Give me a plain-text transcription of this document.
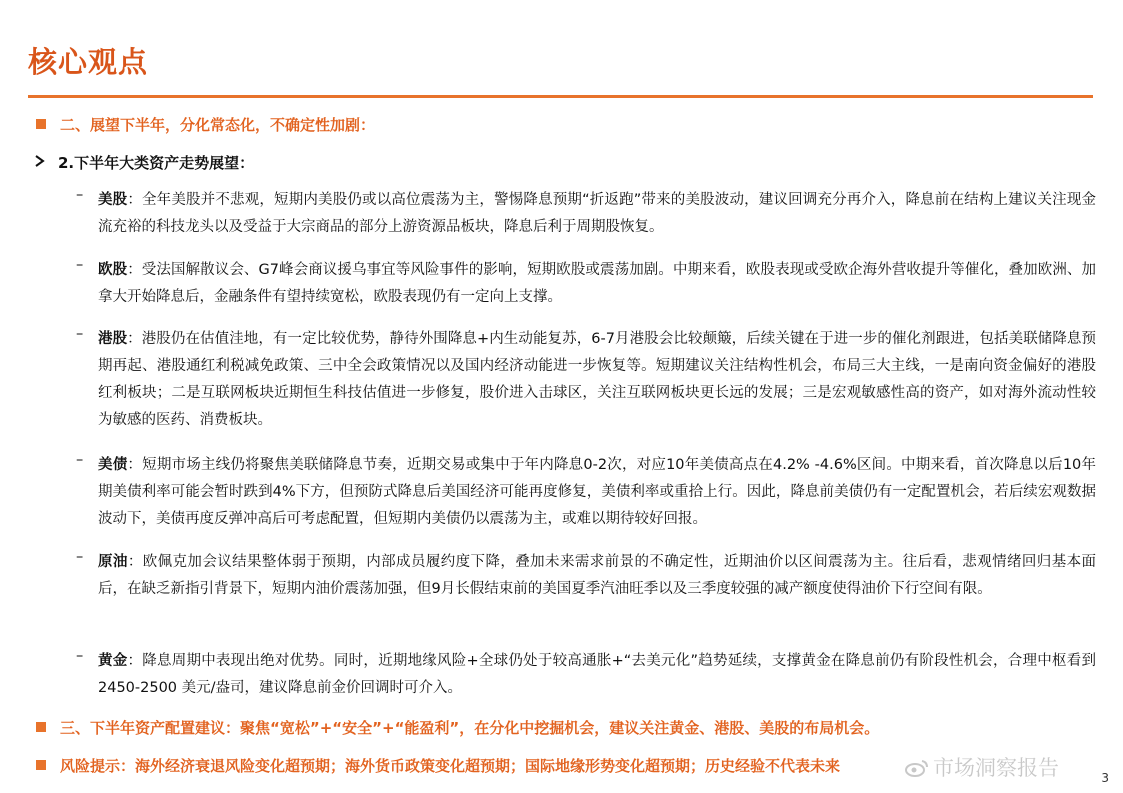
核心观点
二、展望下半年，分化常态化，不确定性加剧：
2.下半年大类资产走势展望：
– 美股：全年美股并不悲观，短期内美股仍或以高位震荡为主，警惕降息预期“折返跑”带来的美股波动，建议回调充分再介入，降息前在结构上建议关注现金流充裕的科技龙头以及受益于大宗商品的部分上游资源品板块，降息后利于周期股恢复。
– 欧股：受法国解散议会、G7峰会商议援乌事宜等风险事件的影响，短期欧股或震荡加剧。中期来看，欧股表现或受欧企海外营收提升等催化，叠加欧洲、加拿大开始降息后，金融条件有望持续宽松，欧股表现仍有一定向上支撑。
– 港股：港股仍在估值洼地，有一定比较优势，静待外围降息+内生动能复苏，6-7月港股会比较颠簸，后续关键在于进一步的催化剂跟进，包括美联储降息预期再起、港股通红利税减免政策、三中全会政策情况以及国内经济动能进一步恢复等。短期建议关注结构性机会，布局三大主线，一是南向资金偏好的港股红利板块；二是互联网板块近期恒生科技估值进一步修复，股价进入击球区，关注互联网板块更长远的发展；三是宏观敏感性高的资产，如对海外流动性较为敏感的医药、消费板块。
– 美债：短期市场主线仍将聚焦美联储降息节奏，近期交易或集中于年内降息0-2次，对应10年美债高点在4.2% -4.6%区间。中期来看，首次降息以后10年期美债利率可能会暂时跌到4%下方，但预防式降息后美国经济可能再度修复，美债利率或重拾上行。因此，降息前美债仍有一定配置机会，若后续宏观数据波动下，美债再度反弹冲高后可考虑配置，但短期内美债仍以震荡为主，或难以期待较好回报。
– 原油：欧佩克加会议结果整体弱于预期，内部成员履约度下降，叠加未来需求前景的不确定性，近期油价以区间震荡为主。往后看，悲观情绪回归基本面后，在缺乏新指引背景下，短期内油价震荡加强，但9月长假结束前的美国夏季汽油旺季以及三季度较强的减产额度使得油价下行空间有限。
– 黄金：降息周期中表现出绝对优势。同时，近期地缘风险+全球仍处于较高通胀+“去美元化”趋势延续，支撑黄金在降息前仍有阶段性机会，合理中枢看到 2450-2500 美元/盎司，建议降息前金价回调时可介入。
三、下半年资产配置建议：聚焦“宽松”+“安全”+“能盈利”，在分化中挖掘机会，建议关注黄金、港股、美股的布局机会。
风险提示：海外经济衰退风险变化超预期；海外货币政策变化超预期；国际地缘形势变化超预期；历史经验不代表未来	市场洞察报告	3
